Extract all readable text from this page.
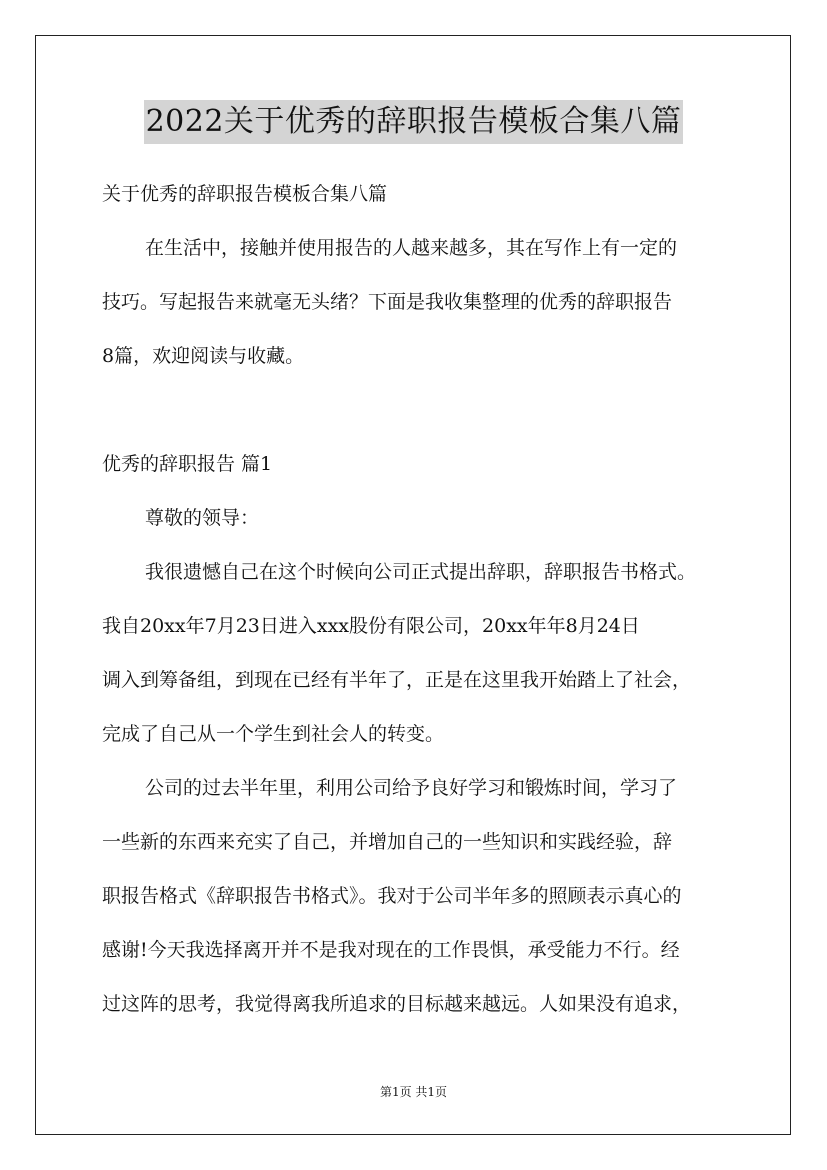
2022关于优秀的辞职报告模板合集八篇
关于优秀的辞职报告模板合集八篇
在生活中，接触并使用报告的人越来越多，其在写作上有一定的
技巧。写起报告来就毫无头绪？下面是我收集整理的优秀的辞职报告
8篇，欢迎阅读与收藏。
优秀的辞职报告 篇1
尊敬的领导：
我很遗憾自己在这个时候向公司正式提出辞职，辞职报告书格式。
我自20xx年7月23日进入xxx股份有限公司，20xx年年8月24日
调入到筹备组，到现在已经有半年了，正是在这里我开始踏上了社会，
完成了自己从一个学生到社会人的转变。
公司的过去半年里，利用公司给予良好学习和锻炼时间，学习了
一些新的东西来充实了自己，并增加自己的一些知识和实践经验，辞
职报告格式《辞职报告书格式》。我对于公司半年多的照顾表示真心的
感谢!今天我选择离开并不是我对现在的工作畏惧，承受能力不行。经
过这阵的思考，我觉得离我所追求的目标越来越远。人如果没有追求，
第1页 共1页
